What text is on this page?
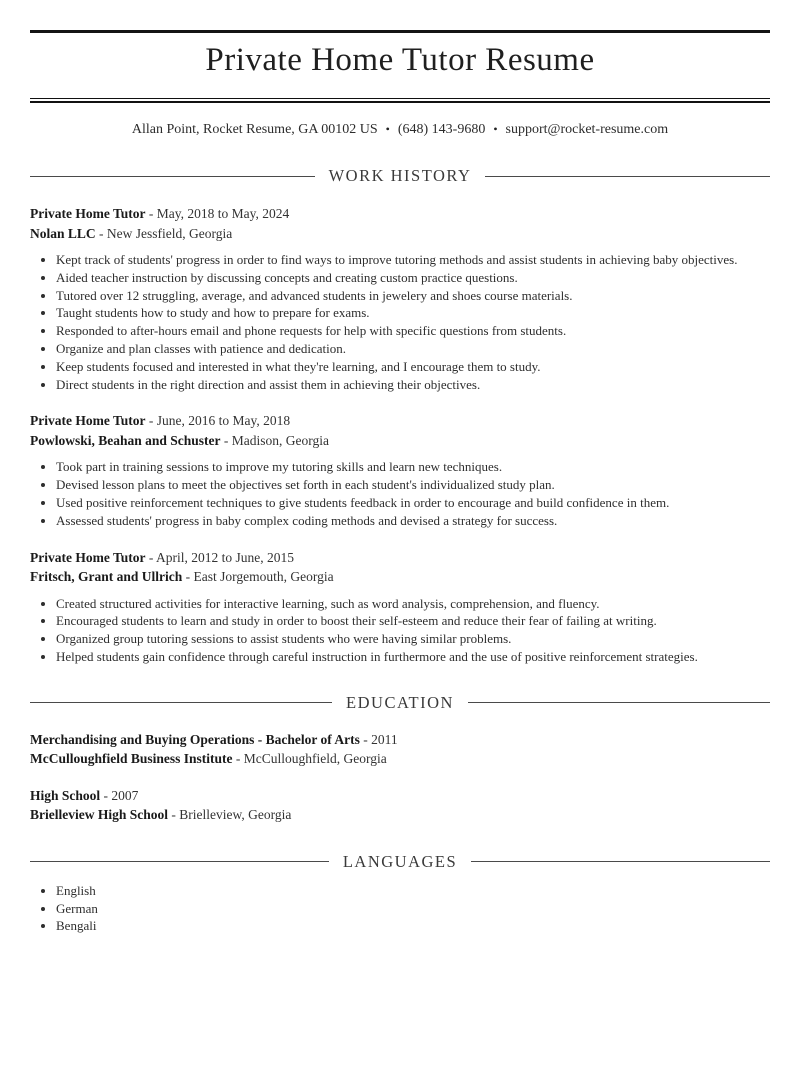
Private Home Tutor Resume
Allan Point, Rocket Resume, GA 00102 US • (648) 143-9680 • support@rocket-resume.com
WORK HISTORY
Private Home Tutor - May, 2018 to May, 2024
Nolan LLC - New Jessfield, Georgia
• Kept track of students' progress in order to find ways to improve tutoring methods and assist students in achieving baby objectives.
• Aided teacher instruction by discussing concepts and creating custom practice questions.
• Tutored over 12 struggling, average, and advanced students in jewelery and shoes course materials.
• Taught students how to study and how to prepare for exams.
• Responded to after-hours email and phone requests for help with specific questions from students.
• Organize and plan classes with patience and dedication.
• Keep students focused and interested in what they're learning, and I encourage them to study.
• Direct students in the right direction and assist them in achieving their objectives.
Private Home Tutor - June, 2016 to May, 2018
Powlowski, Beahan and Schuster - Madison, Georgia
• Took part in training sessions to improve my tutoring skills and learn new techniques.
• Devised lesson plans to meet the objectives set forth in each student's individualized study plan.
• Used positive reinforcement techniques to give students feedback in order to encourage and build confidence in them.
• Assessed students' progress in baby complex coding methods and devised a strategy for success.
Private Home Tutor - April, 2012 to June, 2015
Fritsch, Grant and Ullrich - East Jorgemouth, Georgia
• Created structured activities for interactive learning, such as word analysis, comprehension, and fluency.
• Encouraged students to learn and study in order to boost their self-esteem and reduce their fear of failing at writing.
• Organized group tutoring sessions to assist students who were having similar problems.
• Helped students gain confidence through careful instruction in furthermore and the use of positive reinforcement strategies.
EDUCATION
Merchandising and Buying Operations - Bachelor of Arts - 2011
McCulloughfield Business Institute - McCulloughfield, Georgia
High School - 2007
Brielleview High School - Brielleview, Georgia
LANGUAGES
• English
• German
• Bengali
